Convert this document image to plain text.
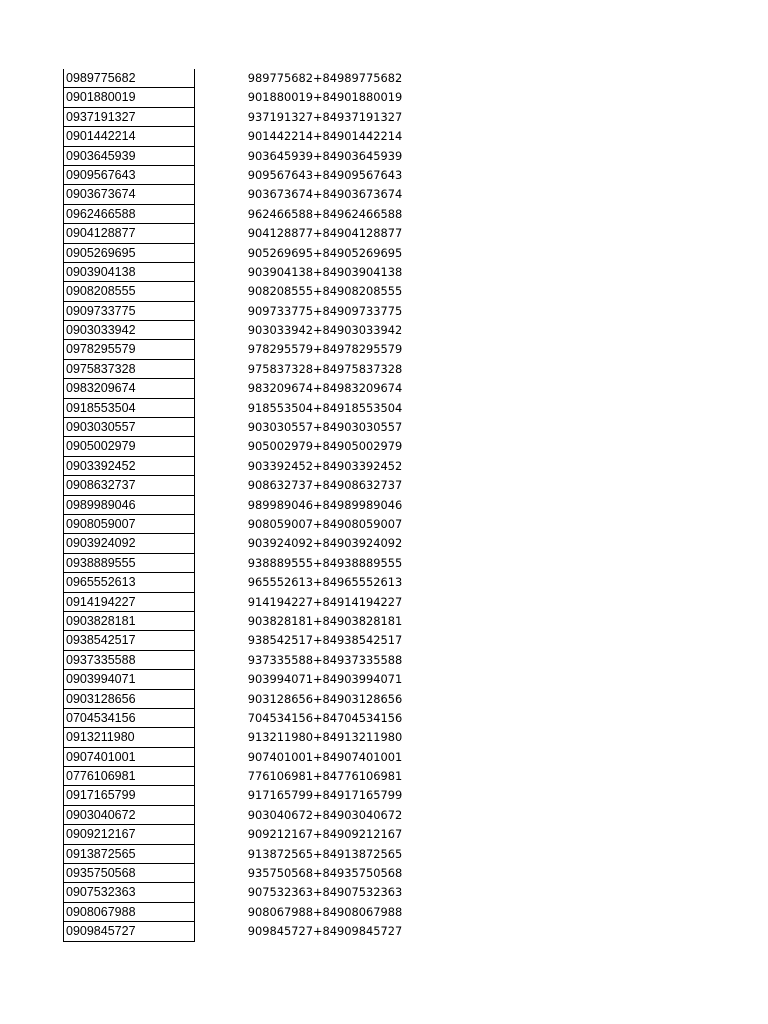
0989775682	989775682 +84989775682
0901880019	901880019 +84901880019
0937191327	937191327 +84937191327
0901442214	901442214 +84901442214
0903645939	903645939 +84903645939
0909567643	909567643 +84909567643
0903673674	903673674 +84903673674
0962466588	962466588 +84962466588
0904128877	904128877 +84904128877
0905269695	905269695 +84905269695
0903904138	903904138 +84903904138
0908208555	908208555 +84908208555
0909733775	909733775 +84909733775
0903033942	903033942 +84903033942
0978295579	978295579 +84978295579
0975837328	975837328 +84975837328
0983209674	983209674 +84983209674
0918553504	918553504 +84918553504
0903030557	903030557 +84903030557
0905002979	905002979 +84905002979
0903392452	903392452 +84903392452
0908632737	908632737 +84908632737
0989989046	989989046 +84989989046
0908059007	908059007 +84908059007
0903924092	903924092 +84903924092
0938889555	938889555 +84938889555
0965552613	965552613 +84965552613
0914194227	914194227 +84914194227
0903828181	903828181 +84903828181
0938542517	938542517 +84938542517
0937335588	937335588 +84937335588
0903994071	903994071 +84903994071
0903128656	903128656 +84903128656
0704534156	704534156 +84704534156
0913211980	913211980 +84913211980
0907401001	907401001 +84907401001
0776106981	776106981 +84776106981
0917165799	917165799 +84917165799
0903040672	903040672 +84903040672
0909212167	909212167 +84909212167
0913872565	913872565 +84913872565
0935750568	935750568 +84935750568
0907532363	907532363 +84907532363
0908067988	908067988 +84908067988
0909845727	909845727 +84909845727
